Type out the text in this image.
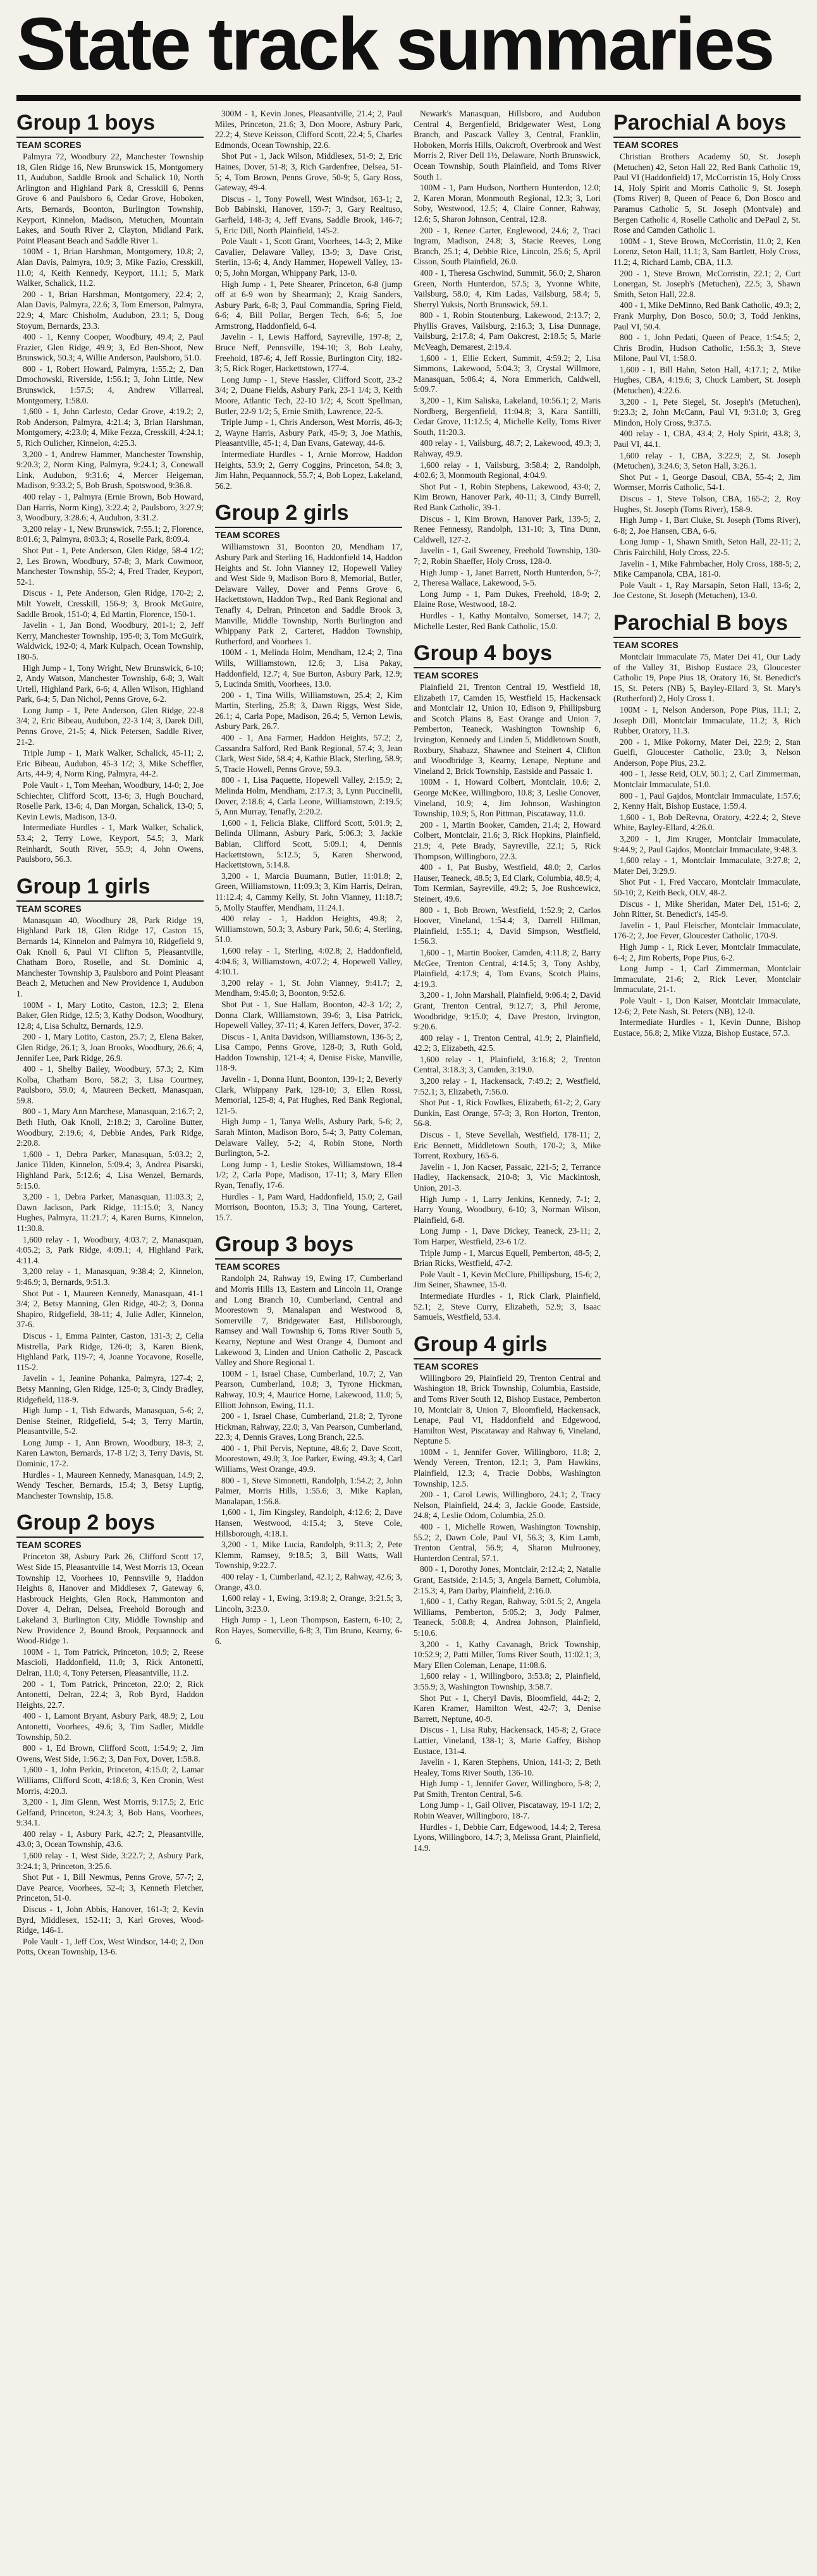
State track summaries
Group 1 boys
TEAM SCORES

Palmyra 72, Woodbury 22, Manchester Township 18, Glen Ridge 16, New Brunswick 15, Montgomery 11, Audubon, Saddle Brook and Schalick 10, North Arlington and Highland Park 8, Cresskill 6, Penns Grove 6 and Paulsboro 6, Cedar Grove, Hoboken, Arts, Bernards, Boonton, Burlington Township, Keyport, Kinnelon, Madison, Metuchen, Mountain Lakes, and South River 2, Clayton, Midland Park, Point Pleasant Beach and Saddle River 1.

100M - 1, Brian Harshman, Montgomery, 10.8; 2, Alan Davis, Palmyra, 10.9; 3, Mike Fazio, Cresskill, 11.0; 4, Keith Kennedy, Keyport, 11.1; 5, Mark Walker, Schalick, 11.2.

200 - 1, Brian Harshman, Montgomery, 22.4; 2, Alan Davis, Palmyra, 22.6; 3, Tom Emerson, Palmyra, 22.9; 4, Marc Chisholm, Audubon, 23.1; 5, Doug Stoyum, Bernards, 23.3.

400 - 1, Kenny Cooper, Woodbury, 49.4; 2, Paul Frazier, Glen Ridge, 49.9; 3, Ed Ben-Shoot, New Brunswick, 50.3; 4, Willie Anderson, Paulsboro, 51.0.

800 - 1, Robert Howard, Palmyra, 1:55.2; 2, Dan Dmochowski, Riverside, 1:56.1; 3, John Little, New Brunswick, 1:57.5; 4, Andrew Villarreal, Montgomery, 1:58.0.

1,600 - 1, John Carlesto, Cedar Grove, 4:19.2; 2, Rob Anderson, Palmyra, 4:21.4; 3, Brian Harshman, Montgomery, 4:23.0; 4, Mike Fezza, Cresskill, 4:24.1; 5, Rich Oulicher, Kinnelon, 4:25.3.

3,200 - 1, Andrew Hammer, Manchester Township, 9:20.3; 2, Norm King, Palmyra, 9:24.1; 3, Conewall Link, Audubon, 9:31.6; 4, Mercer Heigeman, Madison, 9:33.2; 5, Bob Brush, Spotswood, 9:36.8.

400 relay - 1, Palmyra (Ernie Brown, Bob Howard, Dan Harris, Norm King), 3:22.4; 2, Paulsboro, 3:27.9; 3, Woodbury, 3:28.6; 4, Audubon, 3:31.2.

3,200 relay - 1, New Brunswick, 7:55.1; 2, Florence, 8:01.6; 3, Palmyra, 8:03.3; 4, Roselle Park, 8:09.4.

Shot Put - 1, Pete Anderson, Glen Ridge, 58-4 1/2; 2, Les Brown, Woodbury, 57-8; 3, Mark Cowmoor, Manchester Township, 55-2; 4, Fred Trader, Keyport, 52-1.

Discus - 1, Pete Anderson, Glen Ridge, 170-2; 2, Milt Yowelt, Cresskill, 156-9; 3, Brook McGuire, Saddle Brook, 151-0; 4, Ed Martin, Florence, 150-1.

Javelin - 1, Jan Bond, Woodbury, 201-1; 2, Jeff Kerry, Manchester Township, 195-0; 3, Tom McGuirk, Waldwick, 192-0; 4, Mark Kulpach, Ocean Township, 180-5.

High Jump - 1, Tony Wright, New Brunswick, 6-10; 2, Andy Watson, Manchester Township, 6-8; 3, Walt Urtell, Highland Park, 6-6; 4, Allen Wilson, Highland Park, 6-4; 5, Dan Nichol, Penns Grove, 6-2.

Long Jump - 1, Pete Anderson, Glen Ridge, 22-8 3/4; 2, Eric Bibeau, Audubon, 22-3 1/4; 3, Darek Dill, Penns Grove, 21-5; 4, Nick Petersen, Saddle River, 21-2.

Triple Jump - 1, Mark Walker, Schalick, 45-11; 2, Eric Bibeau, Audubon, 45-3 1/2; 3, Mike Scheffler, Arts, 44-9; 4, Norm King, Palmyra, 44-2.

Pole Vault - 1, Tom Meehan, Woodbury, 14-0; 2, Joe Schiechter, Clifford Scott, 13-6; 3, Hugh Bouchard, Roselle Park, 13-6; 4, Dan Morgan, Schalick, 13-0; 5, Kevin Lewis, Madison, 13-0.

Intermediate Hurdles - 1, Mark Walker, Schalick, 53.4; 2, Terry Lowe, Keyport, 54.5; 3, Mark Reinhardt, South River, 55.9; 4, John Owens, Paulsboro, 56.3.

Group 1 girls
TEAM SCORES

Manasquan 40, Woodbury 28, Park Ridge 19, Highland Park 18, Glen Ridge 17, Caston 15, Bernards 14, Kinnelon and Palmyra 10, Ridgefield 9, Oak Knoll 6, Paul VI Clifton 5, Pleasantville, Chatham Boro, Roselle, and St. Dominic 4, Manchester Township 3, Paulsboro and Point Pleasant Beach 2, Metuchen and New Providence 1, Audubon 1.

100M - 1, Mary Lotito, Caston, 12.3; 2, Elena Baker, Glen Ridge, 12.5; 3, Kathy Dodson, Woodbury, 12.8; 4, Lisa Schultz, Bernards, 12.9.

200 - 1, Mary Lotito, Caston, 25.7; 2, Elena Baker, Glen Ridge, 26.1; 3, Joan Brooks, Woodbury, 26.6; 4, Jennifer Lee, Park Ridge, 26.9.

400 - 1, Shelby Bailey, Woodbury, 57.3; 2, Kim Kolba, Chatham Boro, 58.2; 3, Lisa Courtney, Paulsboro, 59.0; 4, Maureen Beckett, Manasquan, 59.8.

800 - 1, Mary Ann Marchese, Manasquan, 2:16.7; 2, Beth Huth, Oak Knoll, 2:18.2; 3, Caroline Butter, Woodbury, 2:19.6; 4, Debbie Andes, Park Ridge, 2:20.8.

1,600 - 1, Debra Parker, Manasquan, 5:03.2; 2, Janice Tilden, Kinnelon, 5:09.4; 3, Andrea Pisarski, Highland Park, 5:12.6; 4, Lisa Wenzel, Bernards, 5:15.0.

3,200 - 1, Debra Parker, Manasquan, 11:03.3; 2, Dawn Jackson, Park Ridge, 11:15.0; 3, Nancy Hughes, Palmyra, 11:21.7; 4, Karen Burns, Kinnelon, 11:30.8.

1,600 relay - 1, Woodbury, 4:03.7; 2, Manasquan, 4:05.2; 3, Park Ridge, 4:09.1; 4, Highland Park, 4:11.4.

3,200 relay - 1, Manasquan, 9:38.4; 2, Kinnelon, 9:46.9; 3, Bernards, 9:51.3.

Shot Put - 1, Maureen Kennedy, Manasquan, 41-1 3/4; 2, Betsy Manning, Glen Ridge, 40-2; 3, Donna Shapiro, Ridgefield, 38-11; 4, Julie Adler, Kinnelon, 37-6.

Discus - 1, Emma Painter, Caston, 131-3; 2, Celia Mistrella, Park Ridge, 126-0; 3, Karen Bienk, Highland Park, 119-7; 4, Joanne Yocavone, Roselle, 115-2.

Javelin - 1, Jeanine Pohanka, Palmyra, 127-4; 2, Betsy Manning, Glen Ridge, 125-0; 3, Cindy Bradley, Ridgefield, 118-9.

High Jump - 1, Tish Edwards, Manasquan, 5-6; 2, Denise Steiner, Ridgefield, 5-4; 3, Terry Martin, Pleasantville, 5-2.

Long Jump - 1, Ann Brown, Woodbury, 18-3; 2, Karen Lawton, Bernards, 17-8 1/2; 3, Terry Davis, St. Dominic, 17-2.

Hurdles - 1, Maureen Kennedy, Manasquan, 14.9; 2, Wendy Tescher, Bernards, 15.4; 3, Betsy Luptig, Manchester Township, 15.8.

Group 2 boys
TEAM SCORES

Princeton 38, Asbury Park 26, Clifford Scott 17, West Side 15, Pleasantville 14, West Morris 13, Ocean Township 12, Voorhees 10, Pennsville 9, Haddon Heights 8, Hanover and Middlesex 7, Gateway 6, Hasbrouck Heights, Glen Rock, Hammonton and Dover 4, Delran, Delsea, Freehold Borough and Lakeland 3, Burlington City, Middle Township and New Providence 2, Bound Brook, Pequannock and Wood-Ridge 1.

100M - 1, Tom Patrick, Princeton, 10.9; 2, Reese Mascioli, Haddonfield, 11.0; 3, Rick Antonetti, Delran, 11.0; 4, Tony Petersen, Pleasantville, 11.2.

200 - 1, Tom Patrick, Princeton, 22.0; 2, Rick Antonetti, Delran, 22.4; 3, Rob Byrd, Haddon Heights, 22.7.

400 - 1, Lamont Bryant, Asbury Park, 48.9; 2, Lou Antonetti, Voorhees, 49.6; 3, Tim Sadler, Middle Township, 50.2.

800 - 1, Ed Brown, Clifford Scott, 1:54.9; 2, Jim Owens, West Side, 1:56.2; 3, Dan Fox, Dover, 1:58.8.

1,600 - 1, John Perkin, Princeton, 4:15.0; 2, Lamar Williams, Clifford Scott, 4:18.6; 3, Ken Cronin, West Morris, 4:20.3.

3,200 - 1, Jim Glenn, West Morris, 9:17.5; 2, Eric Gelfand, Princeton, 9:24.3; 3, Bob Hans, Voorhees, 9:34.1.

400 relay - 1, Asbury Park, 42.7; 2, Pleasantville, 43.0; 3, Ocean Township, 43.6.

1,600 relay - 1, West Side, 3:22.7; 2, Asbury Park, 3:24.1; 3, Princeton, 3:25.6.

Shot Put - 1, Bill Newmus, Penns Grove, 57-7; 2, Dave Pearce, Voorhees, 52-4; 3, Kenneth Fletcher, Princeton, 51-0.

Discus - 1, John Abbis, Hanover, 161-3; 2, Kevin Byrd, Middlesex, 152-11; 3, Karl Groves, Wood-Ridge, 146-1.

Pole Vault - 1, Jeff Cox, West Windsor, 14-0; 2, Don Potts, Ocean Township, 13-6.

300M - 1, Kevin Jones, Pleasantville, 21.4; 2, Paul Miles, Princeton, 21.6; 3, Don Moore, Asbury Park, 22.2; 4, Steve Keisson, Clifford Scott, 22.4; 5, Charles Edmonds, Ocean Township, 22.6.

Shot Put - 1, Jack Wilson, Middlesex, 51-9; 2, Eric Haines, Dover, 51-8; 3, Rich Gardenfree, Delsea, 51-5; 4, Tom Brown, Penns Grove, 50-9; 5, Gary Ross, Gateway, 49-4.

Discus - 1, Tony Powell, West Windsor, 163-1; 2, Bob Babinski, Hanover, 159-7; 3, Gary Realtuso, Garfield, 148-3; 4, Jeff Evans, Saddle Brook, 146-7; 5, Eric Dill, North Plainfield, 145-2.

Pole Vault - 1, Scott Grant, Voorhees, 14-3; 2, Mike Cavalier, Delaware Valley, 13-9; 3, Dave Crist, Sterlin, 13-6; 4, Andy Hammer, Hopewell Valley, 13-0; 5, John Morgan, Whippany Park, 13-0.

High Jump - 1, Pete Shearer, Princeton, 6-8 (jump off at 6-9 won by Shearman); 2, Kraig Sanders, Asbury Park, 6-8; 3, Paul Commandia, Spring Field, 6-6; 4, Bill Pollar, Bergen Tech, 6-6; 5, Joe Armstrong, Haddonfield, 6-4.

Javelin - 1, Lewis Hafford, Sayreville, 197-8; 2, Bruce Neff, Pennsville, 194-10; 3, Bob Leahy, Freehold, 187-6; 4, Jeff Rossie, Burlington City, 182-3; 5, Rick Roger, Hackettstown, 177-4.

Long Jump - 1, Steve Hassler, Clifford Scott, 23-2 3/4; 2, Duane Fields, Asbury Park, 23-1 1/4; 3, Keith Moore, Atlantic Tech, 22-10 1/2; 4, Scott Spellman, Butler, 22-9 1/2; 5, Ernie Smith, Lawrence, 22-5.

Triple Jump - 1, Chris Anderson, West Morris, 46-3; 2, Wayne Harris, Asbury Park, 45-9; 3, Joe Mathis, Pleasantville, 45-1; 4, Dan Evans, Gateway, 44-6.

Intermediate Hurdles - 1, Arnie Morrow, Haddon Heights, 53.9; 2, Gerry Coggins, Princeton, 54.8; 3, Jim Hahn, Pequannock, 55.7; 4, Bob Lopez, Lakeland, 56.2.

Group 2 girls
TEAM SCORES

Williamstown 31, Boonton 20, Mendham 17, Asbury Park and Sterling 16, Haddonfield 14, Haddon Heights and St. John Vianney 12, Hopewell Valley and West Side 9, Madison Boro 8, Memorial, Butler, Delaware Valley, Dover and Penns Grove 6, Hackettstown, Haddon Twp., Red Bank Regional and Tenafly 4, Delran, Princeton and Saddle Brook 3, Manville, Middle Township, North Burlington and Whippany Park 2, Carteret, Haddon Township, Rutherford, and Voorhees 1.

100M - 1, Melinda Holm, Mendham, 12.4; 2, Tina Wills, Williamstown, 12.6; 3, Lisa Pakay, Haddonfield, 12.7; 4, Sue Burton, Asbury Park, 12.9; 5, Lucinda Smith, Voorhees, 13.0.

200 - 1, Tina Wills, Williamstown, 25.4; 2, Kim Martin, Sterling, 25.8; 3, Dawn Riggs, West Side, 26.1; 4, Carla Pope, Madison, 26.4; 5, Vernon Lewis, Asbury Park, 26.7.

400 - 1, Ana Farmer, Haddon Heights, 57.2; 2, Cassandra Salford, Red Bank Regional, 57.4; 3, Jean Clark, West Side, 58.4; 4, Kathie Black, Sterling, 58.9; 5, Tracie Howell, Penns Grove, 59.3.

800 - 1, Lisa Paquette, Hopewell Valley, 2:15.9; 2, Melinda Holm, Mendham, 2:17.3; 3, Lynn Puccinelli, Dover, 2:18.6; 4, Carla Leone, Williamstown, 2:19.5; 5, Ann Murray, Tenafly, 2:20.2.

1,600 - 1, Felicia Blake, Clifford Scott, 5:01.9; 2, Belinda Ullmann, Asbury Park, 5:06.3; 3, Jackie Babian, Clifford Scott, 5:09.1; 4, Dennis Hackettstown, 5:12.5; 5, Karen Sherwood, Hackettstown, 5:14.8.

3,200 - 1, Marcia Buumann, Butler, 11:01.8; 2, Green, Williamstown, 11:09.3; 3, Kim Harris, Delran, 11:12.4; 4, Cammy Kelly, St. John Vianney, 11:18.7; 5, Molly Stauffer, Mendham, 11:24.1.

400 relay - 1, Haddon Heights, 49.8; 2, Williamstown, 50.3; 3, Asbury Park, 50.6; 4, Sterling, 51.0.

1,600 relay - 1, Sterling, 4:02.8; 2, Haddonfield, 4:04.6; 3, Williamstown, 4:07.2; 4, Hopewell Valley, 4:10.1.

3,200 relay - 1, St. John Vianney, 9:41.7; 2, Mendham, 9:45.0; 3, Boonton, 9:52.6.

Shot Put - 1, Sue Hallam, Boonton, 42-3 1/2; 2, Donna Clark, Williamstown, 39-6; 3, Lisa Patrick, Hopewell Valley, 37-11; 4, Karen Jeffers, Dover, 37-2.

Discus - 1, Anita Davidson, Williamstown, 136-5; 2, Lisa Campo, Penns Grove, 128-0; 3, Ruth Gold, Haddon Township, 121-4; 4, Denise Fiske, Manville, 118-9.

Javelin - 1, Donna Hunt, Boonton, 139-1; 2, Beverly Clark, Whippany Park, 128-10; 3, Ellen Rossi, Memorial, 125-8; 4, Pat Hughes, Red Bank Regional, 121-5.

High Jump - 1, Tanya Wells, Asbury Park, 5-6; 2, Sarah Minton, Madison Boro, 5-4; 3, Patty Coleman, Delaware Valley, 5-2; 4, Robin Stone, North Burlington, 5-2.

Long Jump - 1, Leslie Stokes, Williamstown, 18-4 1/2; 2, Carla Pope, Madison, 17-11; 3, Mary Ellen Ryan, Tenafly, 17-6.

Hurdles - 1, Pam Ward, Haddonfield, 15.0; 2, Gail Morrison, Boonton, 15.3; 3, Tina Young, Carteret, 15.7.

Group 3 boys
TEAM SCORES

Randolph 24, Rahway 19, Ewing 17, Cumberland and Morris Hills 13, Eastern and Lincoln 11, Orange and Long Branch 10, Cumberland, Central and Moorestown 9, Manalapan and Westwood 8, Somerville 7, Bridgewater East, Hillsborough, Ramsey and Wall Township 6, Toms River South 5, Kearny, Neptune and West Orange 4, Dumont and Lakewood 3, Linden and Union Catholic 2, Pascack Valley and Shore Regional 1.

100M - 1, Israel Chase, Cumberland, 10.7; 2, Van Pearson, Cumberland, 10.8; 3, Tyrone Hickman, Rahway, 10.9; 4, Maurice Horne, Lakewood, 11.0; 5, Elliott Johnson, Ewing, 11.1.

200 - 1, Israel Chase, Cumberland, 21.8; 2, Tyrone Hickman, Rahway, 22.0; 3, Van Pearson, Cumberland, 22.3; 4, Dennis Graves, Long Branch, 22.5.

400 - 1, Phil Pervis, Neptune, 48.6; 2, Dave Scott, Moorestown, 49.0; 3, Joe Parker, Ewing, 49.3; 4, Carl Williams, West Orange, 49.9.

800 - 1, Steve Simonetti, Randolph, 1:54.2; 2, John Palmer, Morris Hills, 1:55.6; 3, Mike Kaplan, Manalapan, 1:56.8.

1,600 - 1, Jim Kingsley, Randolph, 4:12.6; 2, Dave Hansen, Westwood, 4:15.4; 3, Steve Cole, Hillsborough, 4:18.1.

3,200 - 1, Mike Lucia, Randolph, 9:11.3; 2, Pete Klemm, Ramsey, 9:18.5; 3, Bill Watts, Wall Township, 9:22.7.

400 relay - 1, Cumberland, 42.1; 2, Rahway, 42.6; 3, Orange, 43.0.

1,600 relay - 1, Ewing, 3:19.8; 2, Orange, 3:21.5; 3, Lincoln, 3:23.0.

High Jump - 1, Leon Thompson, Eastern, 6-10; 2, Ron Hayes, Somerville, 6-8; 3, Tim Bruno, Kearny, 6-6.

Newark's Manasquan, Hillsboro, and Audubon Central 4, Bergenfield, Bridgewater West, Long Branch, and Pascack Valley 3, Central, Franklin, Hoboken, Morris Hills, Oakcroft, Overbrook and West Morris 2, River Dell 1½, Delaware, North Brunswick, Ocean Township, South Plainfield, and Toms River South 1.

100M - 1, Pam Hudson, Northern Hunterdon, 12.0; 2, Karen Moran, Monmouth Regional, 12.3; 3, Lori Soby, Westwood, 12.5; 4, Claire Conner, Rahway, 12.6; 5, Sharon Johnson, Central, 12.8.

200 - 1, Renee Carter, Englewood, 24.6; 2, Traci Ingram, Madison, 24.8; 3, Stacie Reeves, Long Branch, 25.1; 4, Debbie Rice, Lincoln, 25.6; 5, April Cisson, South Plainfield, 26.0.

400 - 1, Theresa Gschwind, Summit, 56.0; 2, Sharon Green, North Hunterdon, 57.5; 3, Yvonne White, Vailsburg, 58.0; 4, Kim Ladas, Vailsburg, 58.4; 5, Sherryl Yuksis, North Brunswick, 59.1.

800 - 1, Robin Stoutenburg, Lakewood, 2:13.7; 2, Phyllis Graves, Vailsburg, 2:16.3; 3, Lisa Dunnage, Vailsburg, 2:17.8; 4, Pam Oakcrest, 2:18.5; 5, Marie McVeagh, Demarest, 2:19.4.

1,600 - 1, Ellie Eckert, Summit, 4:59.2; 2, Lisa Simmons, Lakewood, 5:04.3; 3, Crystal Willmore, Manasquan, 5:06.4; 4, Nora Emmerich, Caldwell, 5:09.7.

3,200 - 1, Kim Saliska, Lakeland, 10:56.1; 2, Maris Nordberg, Bergenfield, 11:04.8; 3, Kara Santilli, Cedar Grove, 11:12.5; 4, Michelle Kelly, Toms River South, 11:20.3.

400 relay - 1, Vailsburg, 48.7; 2, Lakewood, 49.3; 3, Rahway, 49.9.

1,600 relay - 1, Vailsburg, 3:58.4; 2, Randolph, 4:02.6; 3, Monmouth Regional, 4:04.9.

Shot Put - 1, Robin Stephens, Lakewood, 43-0; 2, Kim Brown, Hanover Park, 40-11; 3, Cindy Burrell, Red Bank Catholic, 39-1.

Discus - 1, Kim Brown, Hanover Park, 139-5; 2, Renee Fennessy, Randolph, 131-10; 3, Tina Dunn, Caldwell, 127-2.

Javelin - 1, Gail Sweeney, Freehold Township, 130-7; 2, Robin Shaeffer, Holy Cross, 128-0.

High Jump - 1, Janet Barrett, North Hunterdon, 5-7; 2, Theresa Wallace, Lakewood, 5-5.

Long Jump - 1, Pam Dukes, Freehold, 18-9; 2, Elaine Rose, Westwood, 18-2.

Hurdles - 1, Kathy Montalvo, Somerset, 14.7; 2, Michelle Lester, Red Bank Catholic, 15.0.

Group 4 boys
TEAM SCORES

Plainfield 21, Trenton Central 19, Westfield 18, Elizabeth 17, Camden 15, Westfield 15, Hackensack and Montclair 12, Union 10, Edison 9, Phillipsburg and Scotch Plains 8, East Orange and Union 7, Pemberton, Teaneck, Washington Township 6, Irvington, Kennedy and Linden 5, Middletown South, Roxbury, Shabazz, Shawnee and Steinert 4, Clifton and Woodbridge 3, Kearny, Lenape, Neptune and Vineland 2, Brick Township, Eastside and Passaic 1.

100M - 1, Howard Colbert, Montclair, 10.6; 2, George McKee, Willingboro, 10.8; 3, Leslie Conover, Vineland, 10.9; 4, Jim Johnson, Washington Township, 10.9; 5, Ron Pittman, Piscataway, 11.0.

200 - 1, Martin Booker, Camden, 21.4; 2, Howard Colbert, Montclair, 21.6; 3, Rick Hopkins, Plainfield, 21.9; 4, Pete Brady, Sayreville, 22.1; 5, Rick Thompson, Willingboro, 22.3.

400 - 1, Pat Busby, Westfield, 48.0; 2, Carlos Hauser, Teaneck, 48.5; 3, Ed Clark, Columbia, 48.9; 4, Tom Kermian, Sayreville, 49.2; 5, Joe Rushcewicz, Steinert, 49.6.

800 - 1, Bob Brown, Westfield, 1:52.9; 2, Carlos Hoover, Vineland, 1:54.4; 3, Darrell Hillman, Plainfield, 1:55.1; 4, David Simpson, Westfield, 1:56.3.

1,600 - 1, Martin Booker, Camden, 4:11.8; 2, Barry McGee, Trenton Central, 4:14.5; 3, Tony Ashby, Plainfield, 4:17.9; 4, Tom Evans, Scotch Plains, 4:19.3.

3,200 - 1, John Marshall, Plainfield, 9:06.4; 2, David Grant, Trenton Central, 9:12.7; 3, Phil Jerome, Woodbridge, 9:15.0; 4, Dave Preston, Irvington, 9:20.6.

400 relay - 1, Trenton Central, 41.9; 2, Plainfield, 42.2; 3, Elizabeth, 42.5.

1,600 relay - 1, Plainfield, 3:16.8; 2, Trenton Central, 3:18.3; 3, Camden, 3:19.0.

3,200 relay - 1, Hackensack, 7:49.2; 2, Westfield, 7:52.1; 3, Elizabeth, 7:56.0.

Shot Put - 1, Rick Fowlkes, Elizabeth, 61-2; 2, Gary Dunkin, East Orange, 57-3; 3, Ron Horton, Trenton, 56-8.

Discus - 1, Steve Sevellah, Westfield, 178-11; 2, Eric Bennett, Middletown South, 170-2; 3, Mike Torrent, Roxbury, 165-6.

Javelin - 1, Jon Kacser, Passaic, 221-5; 2, Terrance Hadley, Hackensack, 210-8; 3, Vic Mackintosh, Union, 201-3.

High Jump - 1, Larry Jenkins, Kennedy, 7-1; 2, Harry Young, Woodbury, 6-10; 3, Norman Wilson, Plainfield, 6-8.

Long Jump - 1, Dave Dickey, Teaneck, 23-11; 2, Tom Harper, Westfield, 23-6 1/2.

Triple Jump - 1, Marcus Equell, Pemberton, 48-5; 2, Brian Ricks, Westfield, 47-2.

Pole Vault - 1, Kevin McClure, Phillipsburg, 15-6; 2, Jim Seiner, Shawnee, 15-0.

Intermediate Hurdles - 1, Rick Clark, Plainfield, 52.1; 2, Steve Curry, Elizabeth, 52.9; 3, Isaac Samuels, Westfield, 53.4.

Group 4 girls
TEAM SCORES

Willingboro 29, Plainfield 29, Trenton Central and Washington 18, Brick Township, Columbia, Eastside, and Toms River South 12, Bishop Eustace, Pemberton 10, Montclair 8, Union 7, Bloomfield, Hackensack, Lenape, Paul VI, Haddonfield and Edgewood, Hamilton West, Piscataway and Rahway 6, Vineland, Neptune 5.

100M - 1, Jennifer Gover, Willingboro, 11.8; 2, Wendy Vereen, Trenton, 12.1; 3, Pam Hawkins, Plainfield, 12.3; 4, Tracie Dobbs, Washington Township, 12.5.

200 - 1, Carol Lewis, Willingboro, 24.1; 2, Tracy Nelson, Plainfield, 24.4; 3, Jackie Goode, Eastside, 24.8; 4, Leslie Odom, Columbia, 25.0.

400 - 1, Michelle Rowen, Washington Township, 55.2; 2, Dawn Cole, Paul VI, 56.3; 3, Kim Lamb, Trenton Central, 56.9; 4, Sharon Mulrooney, Hunterdon Central, 57.1.

800 - 1, Dorothy Jones, Montclair, 2:12.4; 2, Natalie Grant, Eastside, 2:14.5; 3, Angela Barnett, Columbia, 2:15.3; 4, Pam Darby, Plainfield, 2:16.0.

1,600 - 1, Cathy Regan, Rahway, 5:01.5; 2, Angela Williams, Pemberton, 5:05.2; 3, Jody Palmer, Teaneck, 5:08.8; 4, Andrea Johnson, Plainfield, 5:10.6.

3,200 - 1, Kathy Cavanagh, Brick Township, 10:52.9; 2, Patti Miller, Toms River South, 11:02.1; 3, Mary Ellen Coleman, Lenape, 11:08.6.

1,600 relay - 1, Willingboro, 3:53.8; 2, Plainfield, 3:55.9; 3, Washington Township, 3:58.7.

Shot Put - 1, Cheryl Davis, Bloomfield, 44-2; 2, Karen Kramer, Hamilton West, 42-7; 3, Denise Barrett, Neptune, 40-9.

Discus - 1, Lisa Ruby, Hackensack, 145-8; 2, Grace Lattier, Vineland, 138-1; 3, Marie Gaffey, Bishop Eustace, 131-4.

Javelin - 1, Karen Stephens, Union, 141-3; 2, Beth Healey, Toms River South, 136-10.

High Jump - 1, Jennifer Gover, Willingboro, 5-8; 2, Pat Smith, Trenton Central, 5-6.

Long Jump - 1, Gail Oliver, Piscataway, 19-1 1/2; 2, Robin Weaver, Willingboro, 18-7.

Hurdles - 1, Debbie Carr, Edgewood, 14.4; 2, Teresa Lyons, Willingboro, 14.7; 3, Melissa Grant, Plainfield, 14.9.

Parochial A boys
TEAM SCORES

Christian Brothers Academy 50, St. Joseph (Metuchen) 42, Seton Hall 22, Red Bank Catholic 19, Paul VI (Haddonfield) 17, McCorristin 15, Holy Cross 14, Holy Spirit and Morris Catholic 9, St. Joseph (Toms River) 8, Queen of Peace 6, Don Bosco and Paramus Catholic 5, St. Joseph (Montvale) and Bergen Catholic 4, Roselle Catholic and DePaul 2, St. Rose and Camden Catholic 1.

100M - 1, Steve Brown, McCorristin, 11.0; 2, Ken Lorenz, Seton Hall, 11.1; 3, Sam Bartlett, Holy Cross, 11.2; 4, Richard Lamb, CBA, 11.3.

200 - 1, Steve Brown, McCorristin, 22.1; 2, Curt Lonergan, St. Joseph's (Metuchen), 22.5; 3, Shawn Smith, Seton Hall, 22.8.

400 - 1, Mike DeMinno, Red Bank Catholic, 49.3; 2, Frank Murphy, Don Bosco, 50.0; 3, Todd Jenkins, Paul VI, 50.4.

800 - 1, John Pedati, Queen of Peace, 1:54.5; 2, Chris Brodin, Hudson Catholic, 1:56.3; 3, Steve Milone, Paul VI, 1:58.0.

1,600 - 1, Bill Hahn, Seton Hall, 4:17.1; 2, Mike Hughes, CBA, 4:19.6; 3, Chuck Lambert, St. Joseph (Metuchen), 4:22.6.

3,200 - 1, Pete Siegel, St. Joseph's (Metuchen), 9:23.3; 2, John McCann, Paul VI, 9:31.0; 3, Greg Mindon, Holy Cross, 9:37.5.

400 relay - 1, CBA, 43.4; 2, Holy Spirit, 43.8; 3, Paul VI, 44.1.

1,600 relay - 1, CBA, 3:22.9; 2, St. Joseph (Metuchen), 3:24.6; 3, Seton Hall, 3:26.1.

Shot Put - 1, George Dasoul, CBA, 55-4; 2, Jim Wormser, Morris Catholic, 54-1.

Discus - 1, Steve Tolson, CBA, 165-2; 2, Roy Hughes, St. Joseph (Toms River), 158-9.

High Jump - 1, Bart Cluke, St. Joseph (Toms River), 6-8; 2, Joe Hansen, CBA, 6-6.

Long Jump - 1, Shawn Smith, Seton Hall, 22-11; 2, Chris Fairchild, Holy Cross, 22-5.

Javelin - 1, Mike Fahrnbacher, Holy Cross, 188-5; 2, Mike Campanola, CBA, 181-0.

Pole Vault - 1, Ray Marsapin, Seton Hall, 13-6; 2, Joe Cestone, St. Joseph (Metuchen), 13-0.

Parochial B boys
TEAM SCORES

Montclair Immaculate 75, Mater Dei 41, Our Lady of the Valley 31, Bishop Eustace 23, Gloucester Catholic 19, Pope Pius 18, Oratory 16, St. Benedict's 15, St. Peters (NB) 5, Bayley-Ellard 3, St. Mary's (Rutherford) 2, Holy Cross 1.

100M - 1, Nelson Anderson, Pope Pius, 11.1; 2, Joseph Dill, Montclair Immaculate, 11.2; 3, Rich Rubber, Oratory, 11.3.

200 - 1, Mike Pokorny, Mater Dei, 22.9; 2, Stan Guelfi, Gloucester Catholic, 23.0; 3, Nelson Anderson, Pope Pius, 23.2.

400 - 1, Jesse Reid, OLV, 50.1; 2, Carl Zimmerman, Montclair Immaculate, 51.0.

800 - 1, Paul Gajdos, Montclair Immaculate, 1:57.6; 2, Kenny Halt, Bishop Eustace, 1:59.4.

1,600 - 1, Bob DeRevna, Oratory, 4:22.4; 2, Steve White, Bayley-Ellard, 4:26.0.

3,200 - 1, Jim Kruger, Montclair Immaculate, 9:44.9; 2, Paul Gajdos, Montclair Immaculate, 9:48.3.

1,600 relay - 1, Montclair Immaculate, 3:27.8; 2, Mater Dei, 3:29.9.

Shot Put - 1, Fred Vaccaro, Montclair Immaculate, 50-10; 2, Keith Beck, OLV, 48-2.

Discus - 1, Mike Sheridan, Mater Dei, 151-6; 2, John Ritter, St. Benedict's, 145-9.

Javelin - 1, Paul Fleischer, Montclair Immaculate, 176-2; 2, Joe Fever, Gloucester Catholic, 170-9.

High Jump - 1, Rick Lever, Montclair Immaculate, 6-4; 2, Jim Roberts, Pope Pius, 6-2.

Long Jump - 1, Carl Zimmerman, Montclair Immaculate, 21-6; 2, Rick Lever, Montclair Immaculate, 21-1.

Pole Vault - 1, Don Kaiser, Montclair Immaculate, 12-6; 2, Pete Nash, St. Peters (NB), 12-0.

Intermediate Hurdles - 1, Kevin Dunne, Bishop Eustace, 56.8; 2, Mike Vizza, Bishop Eustace, 57.3.
